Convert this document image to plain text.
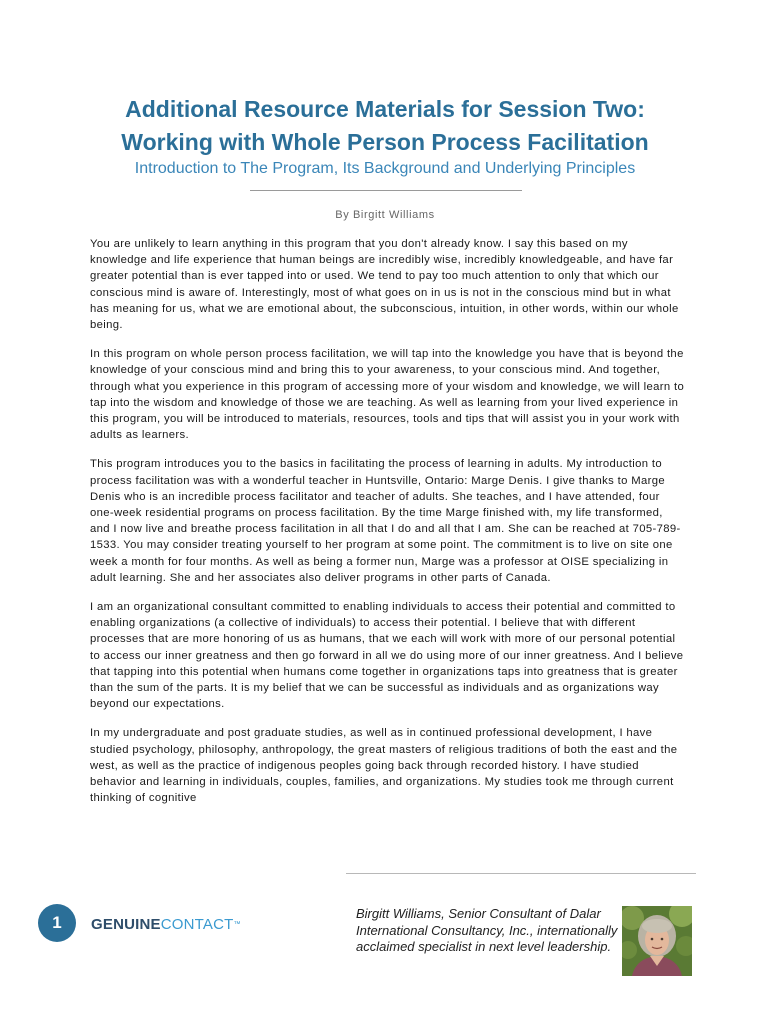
Additional Resource Materials for Session Two:
Working with Whole Person Process Facilitation
Introduction to The Program, Its Background and Underlying Principles
By Birgitt Williams

You are unlikely to learn anything in this program that you don't already know. I say this based on my knowledge and life experience that human beings are incredibly wise, incredibly knowledgeable, and have far greater potential than is ever tapped into or used. We tend to pay too much attention to only that which our conscious mind is aware of. Interestingly, most of what goes on in us is not in the conscious mind but in what has meaning for us, what we are emotional about, the subconscious, intuition, in other words, within our whole being.

In this program on whole person process facilitation, we will tap into the knowledge you have that is beyond the knowledge of your conscious mind and bring this to your awareness, to your conscious mind. And together, through what you experience in this program of accessing more of your wisdom and knowledge, we will learn to tap into the wisdom and knowledge of those we are teaching. As well as learning from your lived experience in this program, you will be introduced to materials, resources, tools and tips that will assist you in your work with adults as learners.

This program introduces you to the basics in facilitating the process of learning in adults. My introduction to process facilitation was with a wonderful teacher in Huntsville, Ontario: Marge Denis. I give thanks to Marge Denis who is an incredible process facilitator and teacher of adults. She teaches, and I have attended, four one-week residential programs on process facilitation. By the time Marge finished with, my life transformed, and I now live and breathe process facilitation in all that I do and all that I am. She can be reached at 705-789-1533. You may consider treating yourself to her program at some point. The commitment is to live on site one week a month for four months. As well as being a former nun, Marge was a professor at OISE specializing in adult learning. She and her associates also deliver programs in other parts of Canada.

I am an organizational consultant committed to enabling individuals to access their potential and committed to enabling organizations (a collective of individuals) to access their potential. I believe that with different processes that are more honoring of us as humans, that we each will work with more of our personal potential to access our inner greatness and then go forward in all we do using more of our inner greatness. And I believe that tapping into this potential when humans come together in organizations taps into greatness that is greater than the sum of the parts. It is my belief that we can be successful as individuals and as organizations way beyond our expectations.

In my undergraduate and post graduate studies, as well as in continued professional development, I have studied psychology, philosophy, anthropology, the great masters of religious traditions of both the east and the west, as well as the practice of indigenous peoples going back through recorded history. I have studied behavior and learning in individuals, couples, families, and organizations. My studies took me through current thinking of cognitive

1	GENUINECONTACT™
Birgitt Williams, Senior Consultant of Dalar International Consultancy, Inc., internationally acclaimed specialist in next level leadership.
